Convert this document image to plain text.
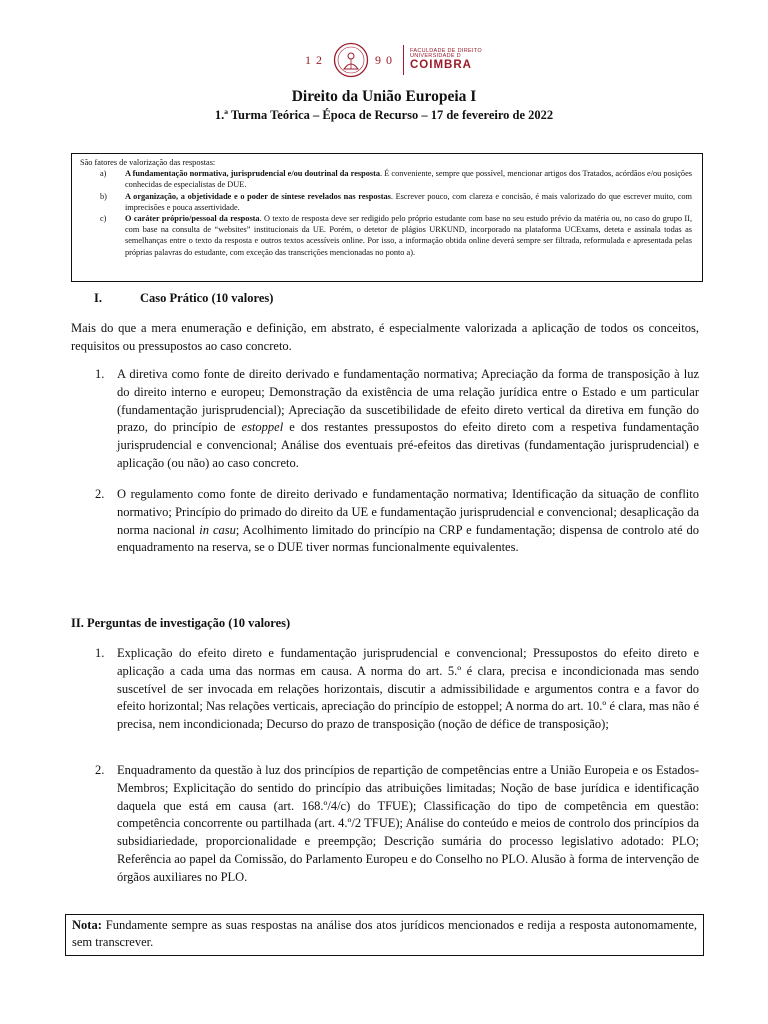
12	90
FACULDADE DE DIREITO
UNIVERSIDADE D
COIMBRA
Direito da União Europeia I
1.ª Turma Teórica – Época de Recurso – 17 de fevereiro de 2022
São fatores de valorização das respostas:
a)	A fundamentação normativa, jurisprudencial e/ou doutrinal da resposta. É conveniente, sempre que possível, mencionar artigos dos Tratados, acórdãos e/ou posições conhecidas de especialistas de DUE.
b)	A organização, a objetividade e o poder de síntese revelados nas respostas. Escrever pouco, com clareza e concisão, é mais valorizado do que escrever muito, com imprecisões e pouca assertividade.
c)	O caráter próprio/pessoal da resposta. O texto de resposta deve ser redigido pelo próprio estudante com base no seu estudo prévio da matéria ou, no caso do grupo II, com base na consulta de “websites” institucionais da UE. Porém, o detetor de plágios URKUND, incorporado na plataforma UCExams, deteta e assinala todas as semelhanças entre o texto da resposta e outros textos acessíveis online. Por isso, a informação obtida online deverá sempre ser filtrada, reformulada e apresentada pelas próprias palavras do estudante, com exceção das transcrições mencionadas no ponto a).
I.	Caso Prático (10 valores)
Mais do que a mera enumeração e definição, em abstrato, é especialmente valorizada a aplicação de todos os conceitos, requisitos ou pressupostos ao caso concreto.
1. A diretiva como fonte de direito derivado e fundamentação normativa; Apreciação da forma de transposição à luz do direito interno e europeu; Demonstração da existência de uma relação jurídica entre o Estado e um particular (fundamentação jurisprudencial); Apreciação da suscetibilidade de efeito direto vertical da diretiva em função do prazo, do princípio de estoppel e dos restantes pressupostos do efeito direto com a respetiva fundamentação jurisprudencial e convencional; Análise dos eventuais pré-efeitos das diretivas (fundamentação jurisprudencial) e aplicação (ou não) ao caso concreto.
2. O regulamento como fonte de direito derivado e fundamentação normativa; Identificação da situação de conflito normativo; Princípio do primado do direito da UE e fundamentação jurisprudencial e convencional; desaplicação da norma nacional in casu; Acolhimento limitado do princípio na CRP e fundamentação; dispensa de controlo até do enquadramento na reserva, se o DUE tiver normas funcionalmente equivalentes.
II. Perguntas de investigação (10 valores)
1. Explicação do efeito direto e fundamentação jurisprudencial e convencional; Pressupostos do efeito direto e aplicação a cada uma das normas em causa. A norma do art. 5.º é clara, precisa e incondicionada mas sendo suscetível de ser invocada em relações horizontais, discutir a admissibilidade e argumentos contra e a favor do efeito horizontal; Nas relações verticais, apreciação do princípio de estoppel; A norma do art. 10.º é clara, mas não é precisa, nem incondicionada; Decurso do prazo de transposição (noção de défice de transposição);
2. Enquadramento da questão à luz dos princípios de repartição de competências entre a União Europeia e os Estados-Membros; Explicitação do sentido do princípio das atribuições limitadas; Noção de base jurídica e identificação daquela que está em causa (art. 168.º/4/c) do TFUE); Classificação do tipo de competência em questão: competência concorrente ou partilhada (art. 4.º/2 TFUE); Análise do conteúdo e meios de controlo dos princípios da subsidiariedade, proporcionalidade e preempção; Descrição sumária do processo legislativo adotado: PLO; Referência ao papel da Comissão, do Parlamento Europeu e do Conselho no PLO. Alusão à forma de intervenção de órgãos auxiliares no PLO.
Nota: Fundamente sempre as suas respostas na análise dos atos jurídicos mencionados e redija a resposta autonomamente, sem transcrever.
